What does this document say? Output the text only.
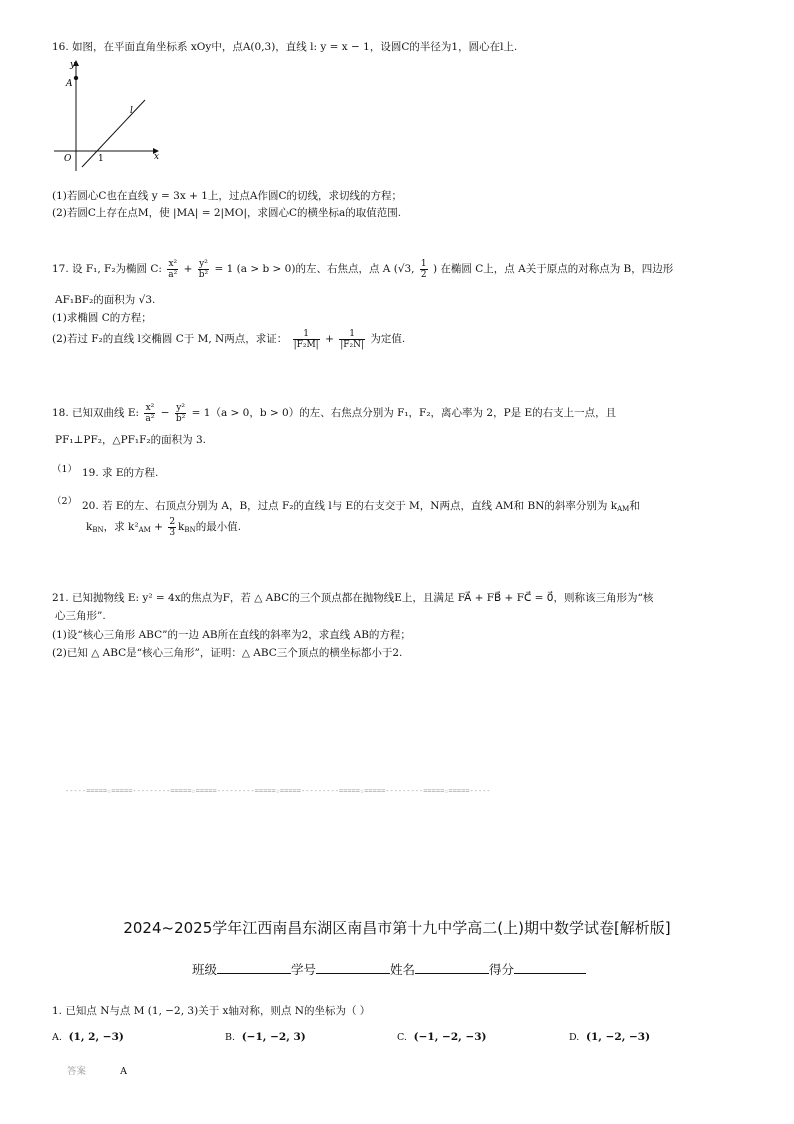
16. 如图，在平面直角坐标系 xOy中，点A(0,3)，直线 l: y = x − 1，设圆C的半径为1，圆心在l上.
y
A
l
O	1	x
(1)若圆心C也在直线 y = 3x + 1上，过点A作圆C的切线，求切线的方程；
(2)若圆C上存在点M，使 |MA| = 2|MO|，求圆心C的横坐标a的取值范围.
17. 设 F₁, F₂为椭圆 C: $\frac{\text{x²}}{\text{a²}} + \frac{\text{y²}}{\text{b²}} = 1$ (a > b > 0)的左、右焦点，点 A (√3, $\frac{1}{2}$ ) 在椭圆 C上，点 A关于原点的对称点为 B，四边形
AF₁BF₂的面积为 √3.
(1)求椭圆 C的方程；
(2)若过 F₂的直线 l交椭圆 C于 M, N两点，求证： $\frac{1}{\text{|F₂M|}} + \frac{1}{\text{|F₂N|}}$ 为定值.
18. 已知双曲线 E: $\frac{\text{x²}}{\text{a²}} - \frac{\text{y²}}{\text{b²}} = 1(a > 0$，b > 0）的左、右焦点分别为 F₁，F₂，离心率为 2，P是 E的右支上一点，且
PF₁⊥PF₂，△PF₁F₂的面积为 3.
（1） 19. 求 E的方程.
（2） 20. 若 E的左、右顶点分别为 A，B，过点 F₂的直线 l与 E的右支交于 M，N两点，直线 AM和 BN的斜率分别为 $k_{AM}$和
$k_{BN}$，求 $k^2_{AM} + \frac{2}{3} k_{BN}$的最小值.
21. 已知抛物线 E: y² = 4x的焦点为F，若 △ ABC的三个顶点都在抛物线E上，且满足 FA⃗ + FB⃗ + FC⃗ = 0⃗，则称该三角形为“核
心三角形”.
(1)设“核心三角形 ABC”的一边 AB所在直线的斜率为2，求直线 AB的方程；
(2)已知 △ ABC是“核心三角形”，证明：△ ABC三个顶点的横坐标都小于2.
-----=====☆=====---------=====☆=====---------=====☆=====---------=====☆=====---------=====☆=====-----
2024~2025学年江西南昌东湖区南昌市第十九中学高二(上)期中数学试卷[解析版]
班级	学号	姓名	得分
1. 已知点 N与点 M (1, −2, 3)关于 x轴对称，则点 N的坐标为（ ）
A. (1, 2, −3)	B. (−1, −2, 3)	C. (−1, −2, −3)	D. (1, −2, −3)
答案	A
